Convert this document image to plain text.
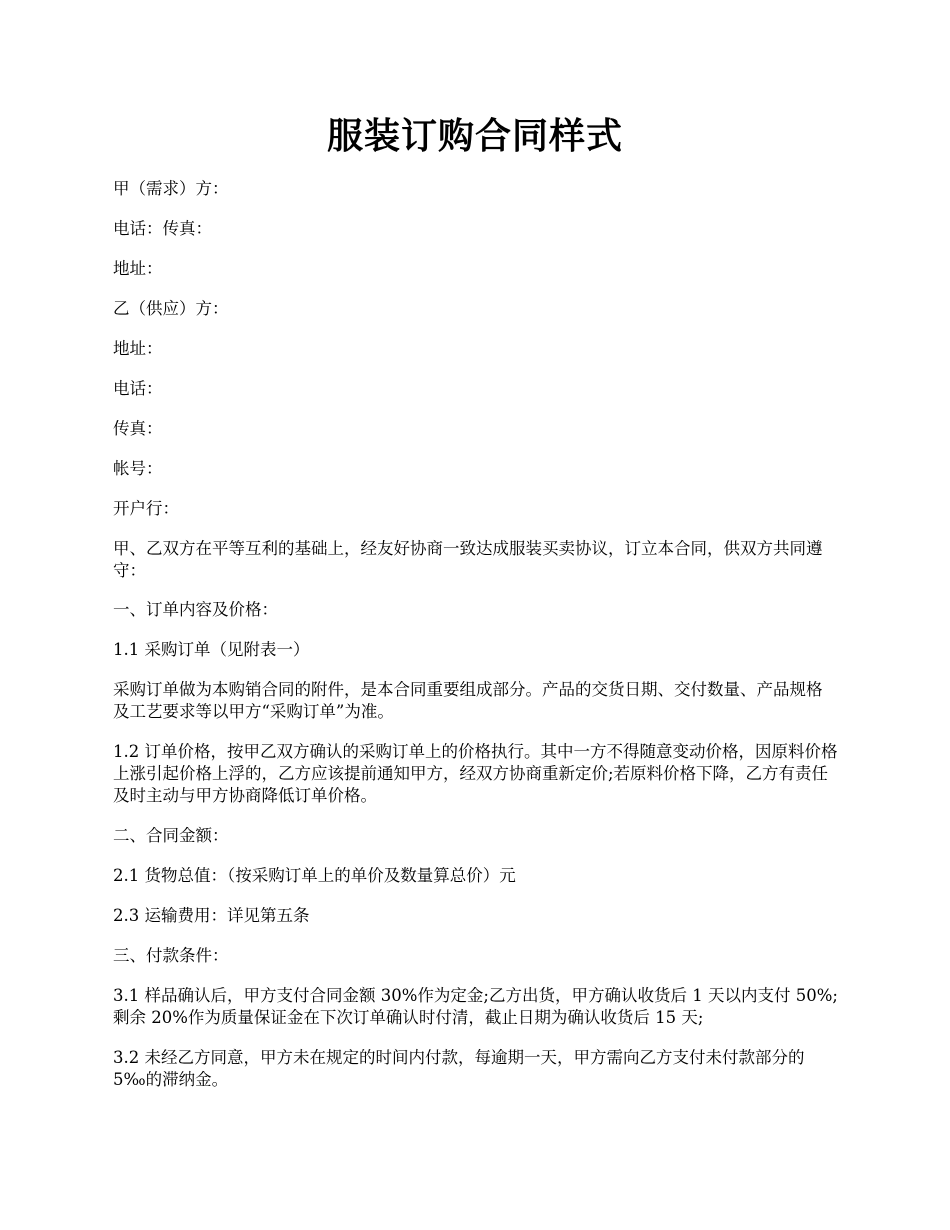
服装订购合同样式

甲（需求）方：

电话：传真：

地址：

乙（供应）方：

地址：

电话：

传真：

帐号：

开户行：

甲、乙双方在平等互利的基础上，经友好协商一致达成服装买卖协议，订立本合同，供双方共同遵守：

一、订单内容及价格：

1.1 采购订单（见附表一）

采购订单做为本购销合同的附件，是本合同重要组成部分。产品的交货日期、交付数量、产品规格及工艺要求等以甲方“采购订单”为准。

1.2 订单价格，按甲乙双方确认的采购订单上的价格执行。其中一方不得随意变动价格，因原料价格上涨引起价格上浮的，乙方应该提前通知甲方，经双方协商重新定价;若原料价格下降，乙方有责任及时主动与甲方协商降低订单价格。

二、合同金额：

2.1 货物总值：（按采购订单上的单价及数量算总价）元

2.3 运输费用：详见第五条

三、付款条件：

3.1 样品确认后，甲方支付合同金额 30%作为定金;乙方出货，甲方确认收货后 1 天以内支付 50%;剩余 20%作为质量保证金在下次订单确认时付清，截止日期为确认收货后 15 天;

3.2 未经乙方同意，甲方未在规定的时间内付款，每逾期一天，甲方需向乙方支付未付款部分的 5‰的滞纳金。
